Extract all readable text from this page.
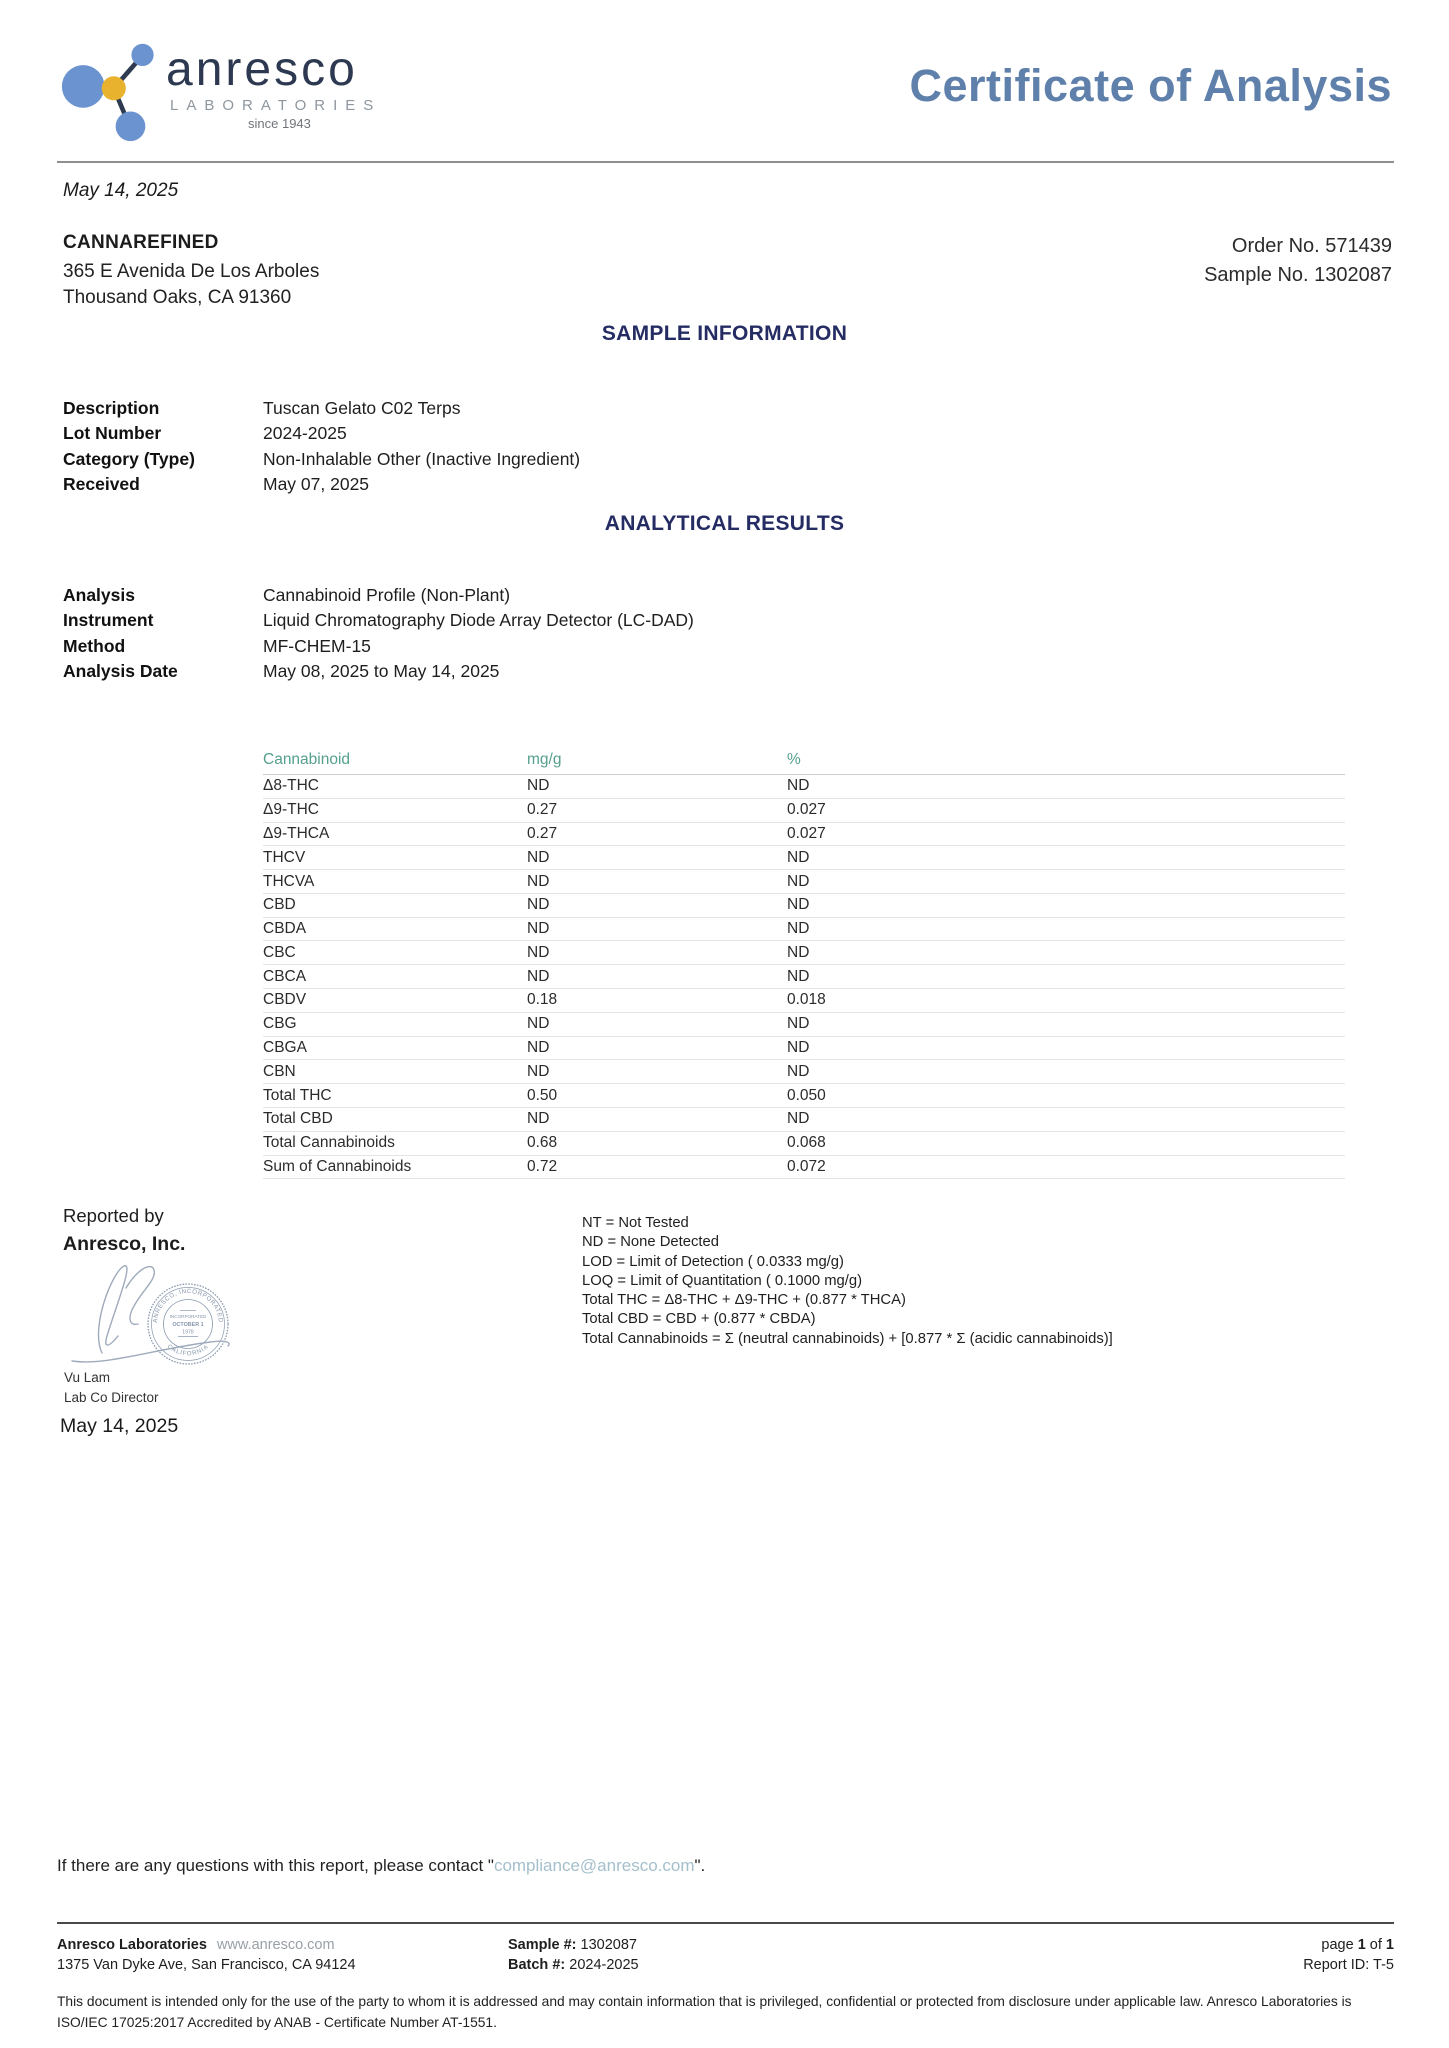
anresco
LABORATORIES
since 1943
Certificate of Analysis
May 14, 2025
CANNAREFINED
365 E Avenida De Los Arboles
Thousand Oaks, CA 91360
Order No. 571439
Sample No. 1302087
SAMPLE INFORMATION
Description	Tuscan Gelato C02 Terps
Lot Number	2024-2025
Category (Type)	Non-Inhalable Other (Inactive Ingredient)
Received	May 07, 2025
ANALYTICAL RESULTS
Analysis	Cannabinoid Profile (Non-Plant)
Instrument	Liquid Chromatography Diode Array Detector (LC-DAD)
Method	MF-CHEM-15
Analysis Date	May 08, 2025 to May 14, 2025
Cannabinoid	mg/g	%
Δ8-THC	ND	ND
Δ9-THC	0.27	0.027
Δ9-THCA	0.27	0.027
THCV	ND	ND
THCVA	ND	ND
CBD	ND	ND
CBDA	ND	ND
CBC	ND	ND
CBCA	ND	ND
CBDV	0.18	0.018
CBG	ND	ND
CBGA	ND	ND
CBN	ND	ND
Total THC	0.50	0.050
Total CBD	ND	ND
Total Cannabinoids	0.68	0.068
Sum of Cannabinoids	0.72	0.072
Reported by
Anresco, Inc.
NT = Not Tested
ND = None Detected
LOD = Limit of Detection ( 0.0333 mg/g)
LOQ = Limit of Quantitation ( 0.1000 mg/g)
Total THC = Δ8-THC + Δ9-THC + (0.877 * THCA)
Total CBD = CBD + (0.877 * CBDA)
Total Cannabinoids = Σ (neutral cannabinoids) + [0.877 * Σ (acidic cannabinoids)]
ANRESCO, INCORPORATED
CALIFORNIA
INCORPORATED
OCTOBER 1
1978
Vu Lam
Lab Co Director
May 14, 2025
If there are any questions with this report, please contact "compliance@anresco.com".
Anresco Laboratories www.anresco.com
1375 Van Dyke Ave, San Francisco, CA 94124
Sample #: 1302087
Batch #: 2024-2025
page 1 of 1
Report ID: T-5
This document is intended only for the use of the party to whom it is addressed and may contain information that is privileged, confidential or protected from disclosure under applicable law. Anresco Laboratories is ISO/IEC 17025:2017 Accredited by ANAB - Certificate Number AT-1551.
